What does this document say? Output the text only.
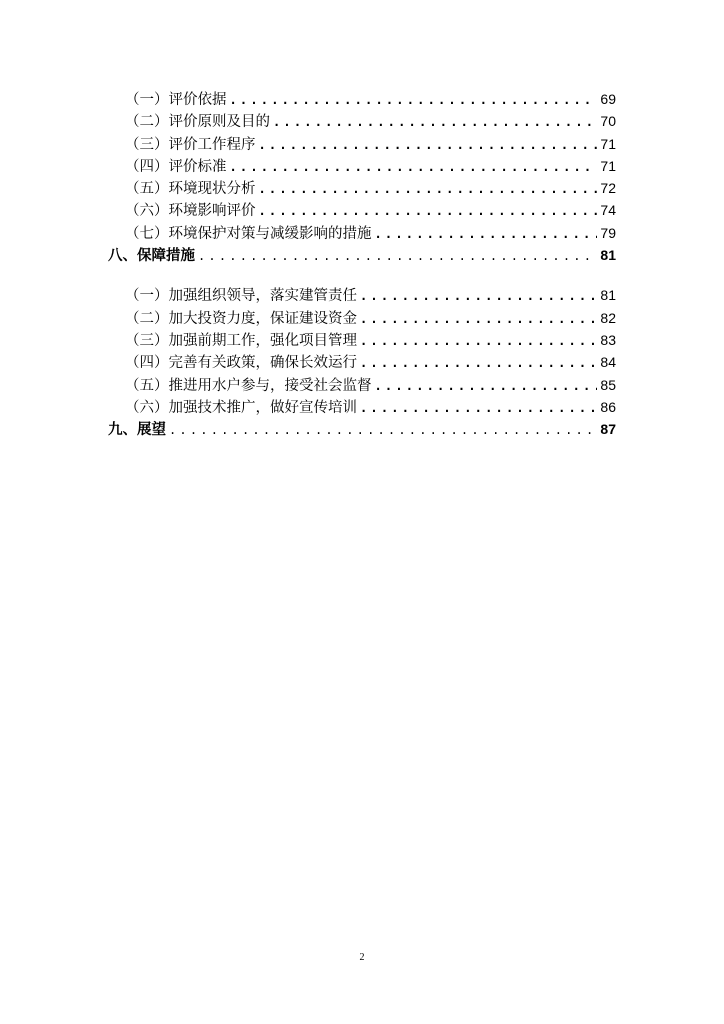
（一）评价依据 .....	69
（二）评价原则及目的 .....	70
（三）评价工作程序 .....	71
（四）评价标准 .....	71
（五）环境现状分析 .....	72
（六）环境影响评价 .....	74
（七）环境保护对策与减缓影响的措施 .....	79
八、保障措施 .....	81
（一）加强组织领导，落实建管责任 .....	81
（二）加大投资力度，保证建设资金 .....	82
（三）加强前期工作，强化项目管理 .....	83
（四）完善有关政策，确保长效运行 .....	84
（五）推进用水户参与，接受社会监督 .....	85
（六）加强技术推广，做好宣传培训 .....	86
九、展望 .....	87
2
